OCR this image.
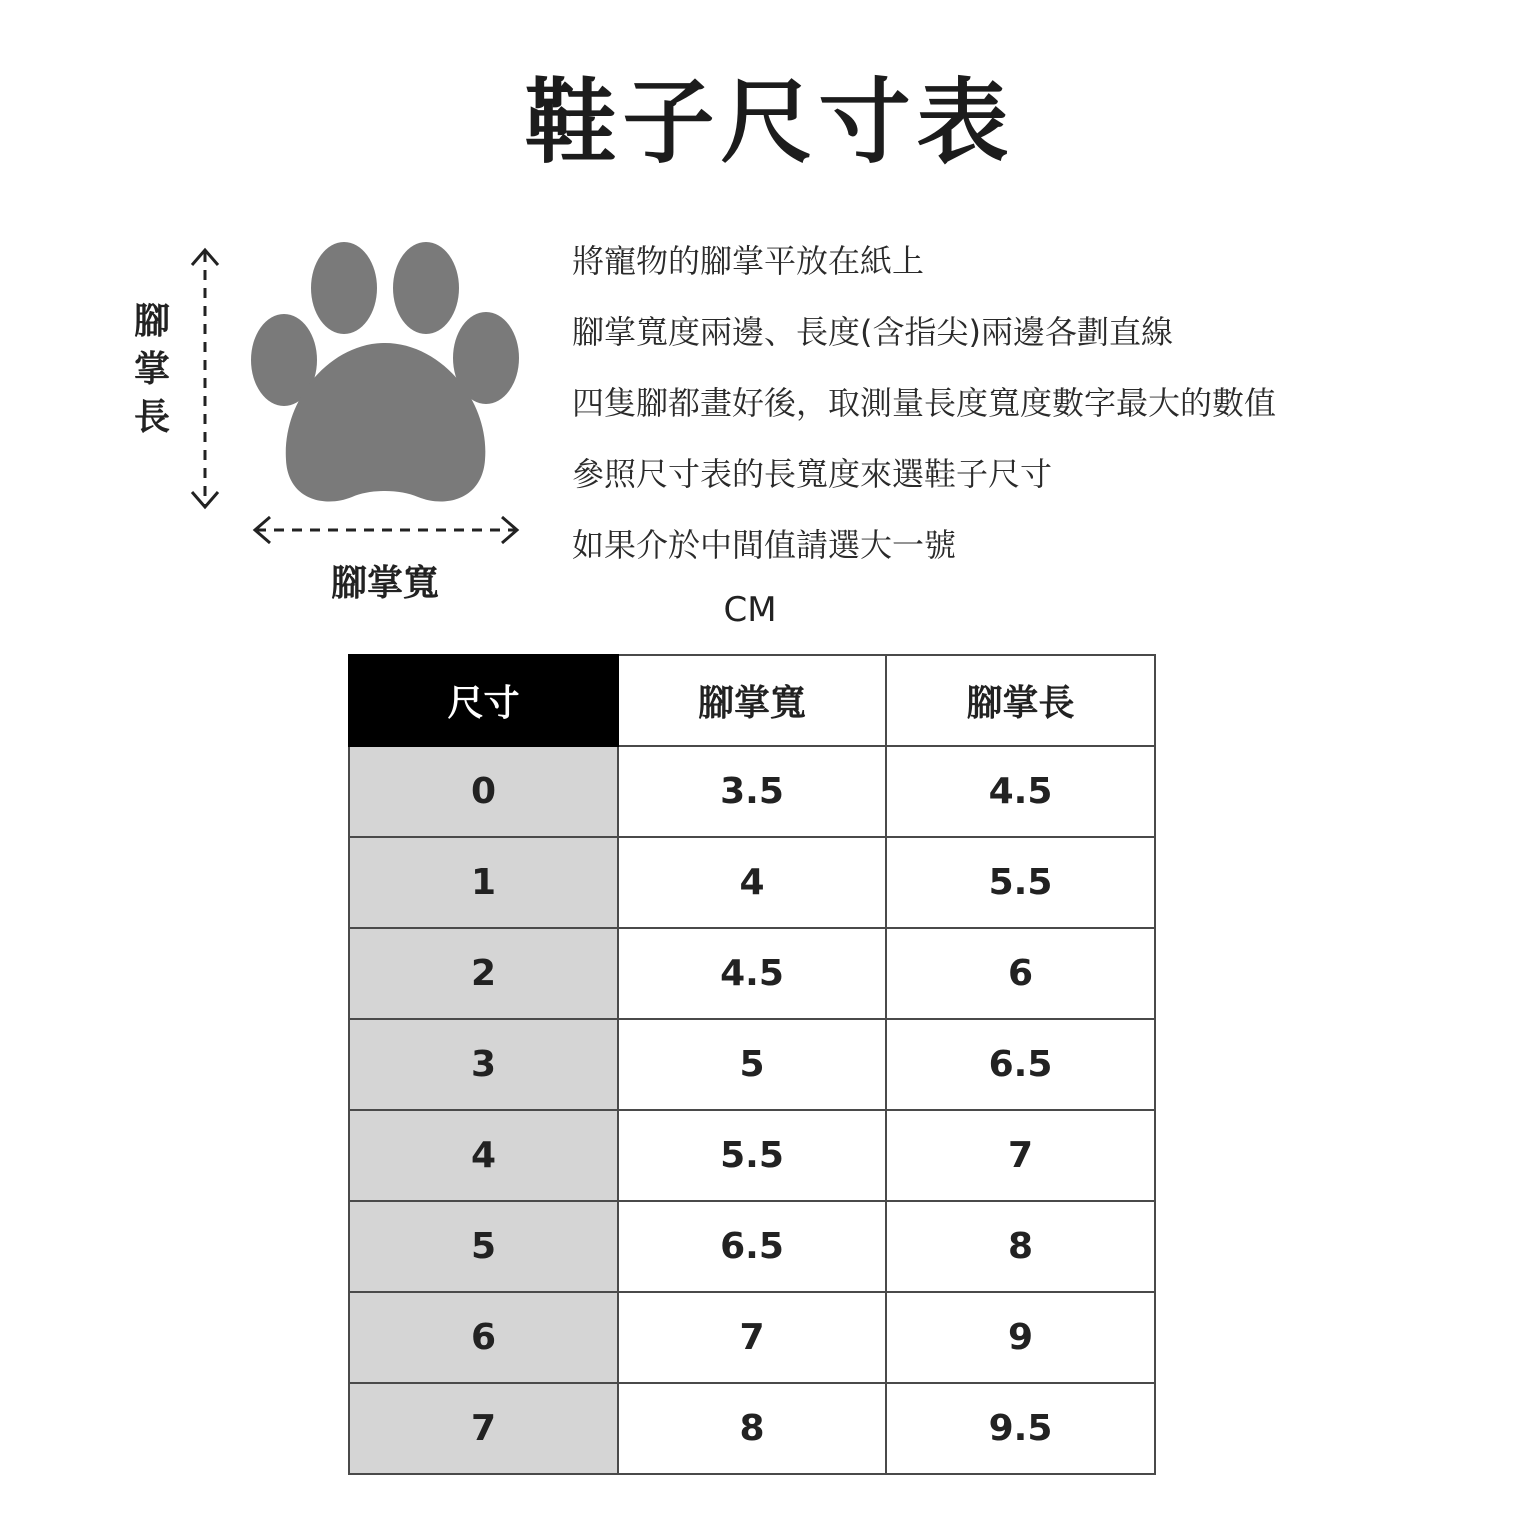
鞋子尺寸表
腳
掌
長
腳掌寬
將寵物的腳掌平放在紙上
腳掌寬度兩邊、長度(含指尖)兩邊各劃直線
四隻腳都畫好後，取測量長度寬度數字最大的數值
參照尺寸表的長寬度來選鞋子尺寸
如果介於中間值請選大一號
CM
尺寸	腳掌寬	腳掌長
0	3.5	4.5
1	4	5.5
2	4.5	6
3	5	6.5
4	5.5	7
5	6.5	8
6	7	9
7	8	9.5
